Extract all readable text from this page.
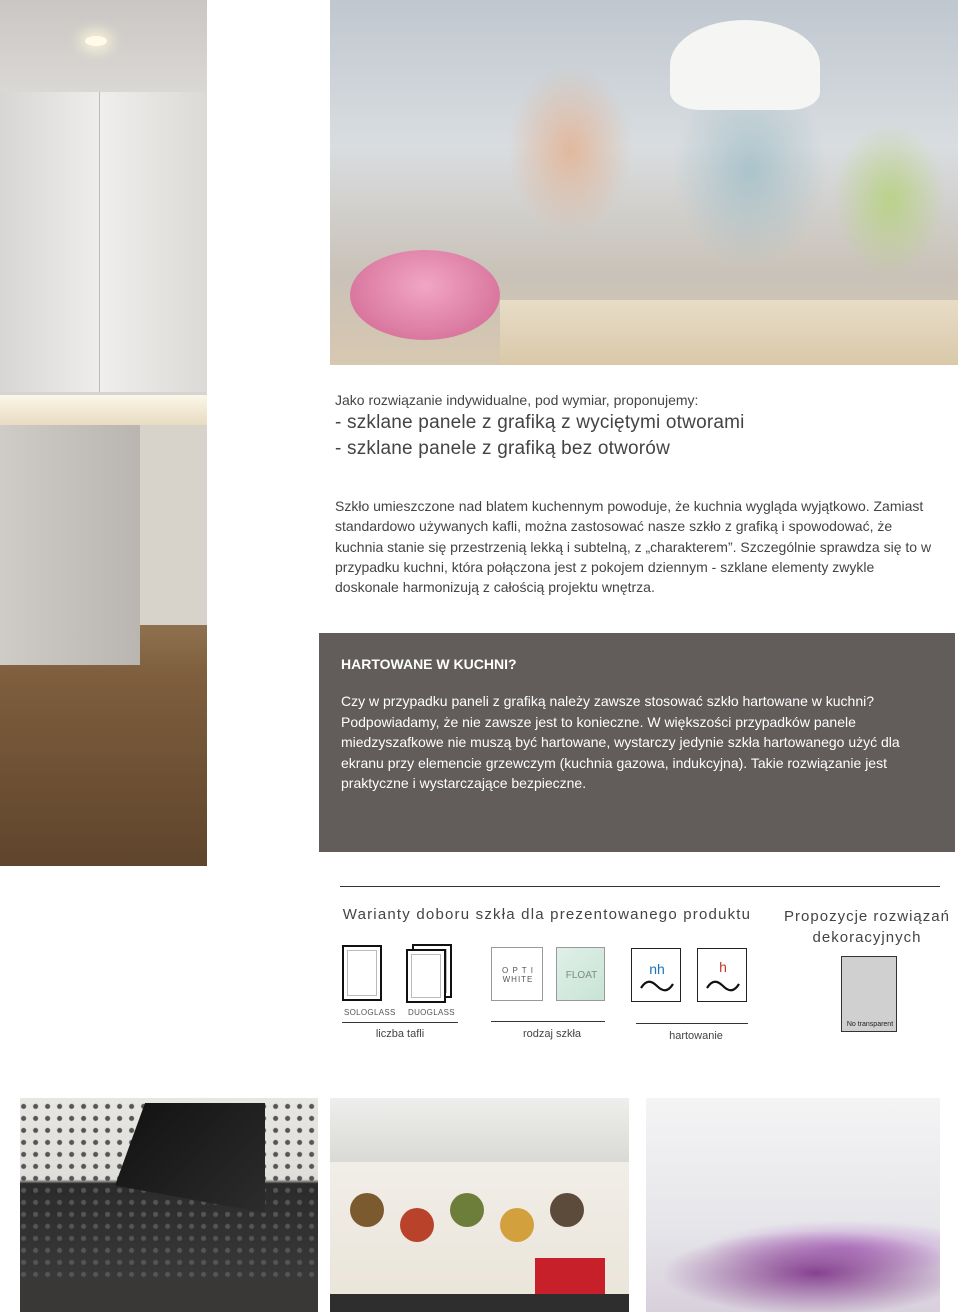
Jako rozwiązanie indywidualne, pod wymiar, proponujemy:
- szklane panele z grafiką z wyciętymi otworami
- szklane panele z grafiką bez otworów
Szkło umieszczone nad blatem kuchennym powoduje, że kuchnia wygląda wyjątkowo. Zamiast standardowo używanych kafli, można zastosować nasze szkło z grafiką i spowodować, że kuchnia stanie się przestrzenią lekką i subtelną, z „charakterem”. Szczególnie sprawdza się to w przypadku kuchni, która połączona jest z pokojem dziennym - szklane elementy zwykle doskonale harmonizują z całością projektu wnętrza.
HARTOWANE W KUCHNI?
Czy w przypadku paneli z grafiką należy zawsze stosować szkło hartowane w kuchni? Podpowiadamy, że nie zawsze jest to konieczne. W większości przypadków panele miedzyszafkowe nie muszą być hartowane, wystarczy jedynie szkła hartowanego użyć dla ekranu przy elemencie grzewczym (kuchnia gazowa, indukcyjna). Takie rozwiązanie jest praktyczne i wystarczające bezpieczne.
Warianty doboru szkła dla prezentowanego produktu Propozycje rozwiązań dekoracyjnych
SOLOGLASS DUOGLASS
liczba tafli
O P T I
WHITE	FLOAT
rodzaj szkła
nh	h
hartowanie
No transparent
